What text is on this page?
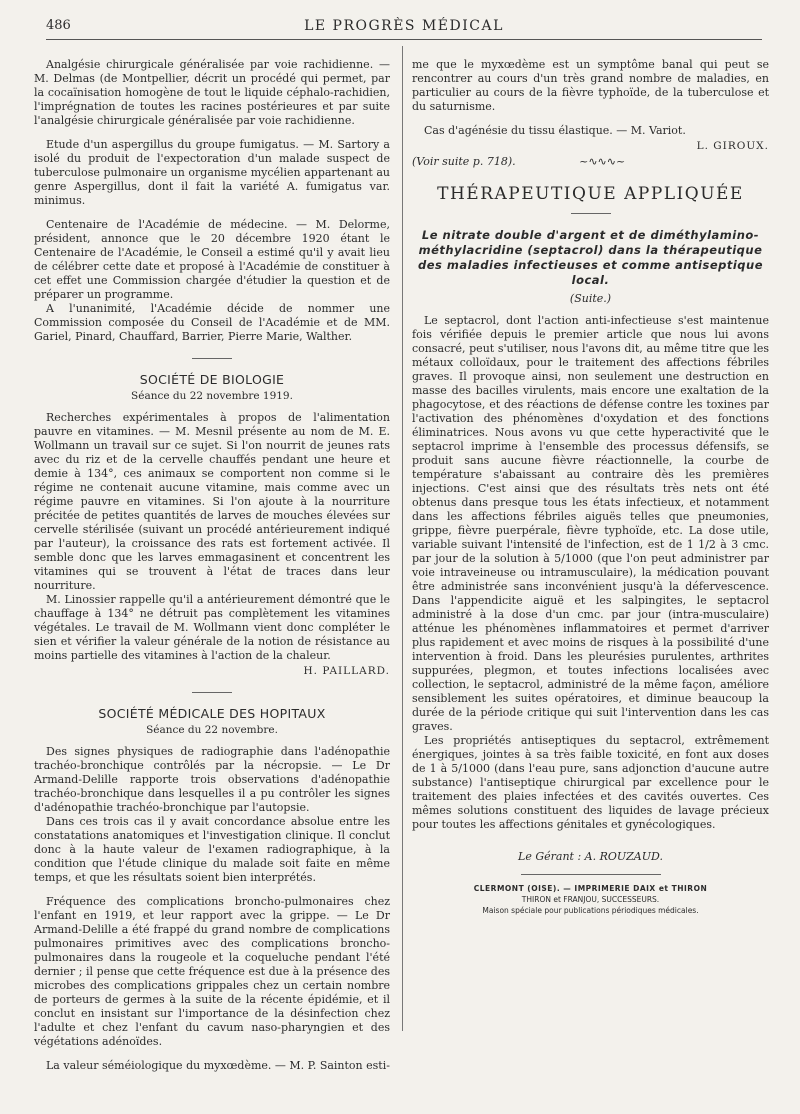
486	LE PROGRÈS MÉDICAL

Analgésie chirurgicale généralisée par voie rachidienne. — M. Delmas (de Montpellier, décrit un procédé qui permet, par la cocaïnisation homogène de tout le liquide céphalo-rachidien, l'imprégnation de toutes les racines postérieures et par suite l'analgésie chirurgicale généralisée par voie rachidienne.

Etude d'un aspergillus du groupe fumigatus. — M. Sartory a isolé du produit de l'expectoration d'un malade suspect de tuberculose pulmonaire un organisme mycélien appartenant au genre Aspergillus, dont il fait la variété A. fumigatus var. minimus.

Centenaire de l'Académie de médecine. — M. Delorme, président, annonce que le 20 décembre 1920 étant le Centenaire de l'Académie, le Conseil a estimé qu'il y avait lieu de célébrer cette date et proposé à l'Académie de constituer à cet effet une Commission chargée d'étudier la question et de préparer un programme.

A l'unanimité, l'Académie décide de nommer une Commission composée du Conseil de l'Académie et de MM. Gariel, Pinard, Chauffard, Barrier, Pierre Marie, Walther.

SOCIÉTÉ DE BIOLOGIE
Séance du 22 novembre 1919.

Recherches expérimentales à propos de l'alimentation pauvre en vitamines. — M. Mesnil présente au nom de M. E. Wollmann un travail sur ce sujet. Si l'on nourrit de jeunes rats avec du riz et de la cervelle chauffés pendant une heure et demie à 134°, ces animaux se comportent non comme si le régime ne contenait aucune vitamine, mais comme avec un régime pauvre en vitamines. Si l'on ajoute à la nourriture précitée de petites quantités de larves de mouches élevées sur cervelle stérilisée (suivant un procédé antérieurement indiqué par l'auteur), la croissance des rats est fortement activée. Il semble donc que les larves emmagasinent et concentrent les vitamines qui se trouvent à l'état de traces dans leur nourriture.

M. Linossier rappelle qu'il a antérieurement démontré que le chauffage à 134° ne détruit pas complètement les vitamines végétales. Le travail de M. Wollmann vient donc compléter le sien et vérifier la valeur générale de la notion de résistance au moins partielle des vitamines à l'action de la chaleur.

H. PAILLARD.
SOCIÉTÉ MÉDICALE DES HOPITAUX
Séance du 22 novembre.

Des signes physiques de radiographie dans l'adénopathie trachéo-bronchique contrôlés par la nécropsie. — Le Dr Armand-Delille rapporte trois observations d'adénopathie trachéo-bronchique dans lesquelles il a pu contrôler les signes d'adénopathie trachéo-bronchique par l'autopsie.

Dans ces trois cas il y avait concordance absolue entre les constatations anatomiques et l'investigation clinique. Il conclut donc à la haute valeur de l'examen radiographique, à la condition que l'étude clinique du malade soit faite en même temps, et que les résultats soient bien interprétés.

Fréquence des complications broncho-pulmonaires chez l'enfant en 1919, et leur rapport avec la grippe. — Le Dr Armand-Delille a été frappé du grand nombre de complications pulmonaires primitives avec des complications broncho-pulmonaires dans la rougeole et la coqueluche pendant l'été dernier ; il pense que cette fréquence est due à la présence des microbes des complications grippales chez un certain nombre de porteurs de germes à la suite de la récente épidémie, et il conclut en insistant sur l'importance de la désinfection chez l'adulte et chez l'enfant du cavum naso-pharyngien et des végétations adénoïdes.

La valeur séméiologique du myxœdème. — M. P. Sainton esti-

me que le myxœdème est un symptôme banal qui peut se rencontrer au cours d'un très grand nombre de maladies, en particulier au cours de la fièvre typhoïde, de la tuberculose et du saturnisme.

Cas d'agénésie du tissu élastique. — M. Variot.

L. GIROUX.
(Voir suite p. 718).	~∿∿∿~
THÉRAPEUTIQUE APPLIQUÉE
Le nitrate double d'argent et de diméthylamino-méthylacridine (septacrol) dans la thérapeutique des maladies infectieuses et comme antiseptique local.
(Suite.)

Le septacrol, dont l'action anti-infectieuse s'est maintenue fois vérifiée depuis le premier article que nous lui avons consacré, peut s'utiliser, nous l'avons dit, au même titre que les métaux colloïdaux, pour le traitement des affections fébriles graves. Il provoque ainsi, non seulement une destruction en masse des bacilles virulents, mais encore une exaltation de la phagocytose, et des réactions de défense contre les toxines par l'activation des phénomènes d'oxydation et des fonctions éliminatrices. Nous avons vu que cette hyperactivité que le septacrol imprime à l'ensemble des processus défensifs, se produit sans aucune fièvre réactionnelle, la courbe de température s'abaissant au contraire dès les premières injections. C'est ainsi que des résultats très nets ont été obtenus dans presque tous les états infectieux, et notamment dans les affections fébriles aiguës telles que pneumonies, grippe, fièvre puerpérale, fièvre typhoïde, etc. La dose utile, variable suivant l'intensité de l'infection, est de 1 1/2 à 3 cmc. par jour de la solution à 5/1000 (que l'on peut administrer par voie intraveineuse ou intramusculaire), la médication pouvant être administrée sans inconvénient jusqu'à la défervescence. Dans l'appendicite aiguë et les salpingites, le septacrol administré à la dose d'un cmc. par jour (intra-musculaire) atténue les phénomènes inflammatoires et permet d'arriver plus rapidement et avec moins de risques à la possibilité d'une intervention à froid. Dans les pleurésies purulentes, arthrites suppurées, plegmon, et toutes infections localisées avec collection, le septacrol, administré de la même façon, améliore sensiblement les suites opératoires, et diminue beaucoup la durée de la période critique qui suit l'intervention dans les cas graves.

Les propriétés antiseptiques du septacrol, extrêmement énergiques, jointes à sa très faible toxicité, en font aux doses de 1 à 5/1000 (dans l'eau pure, sans adjonction d'aucune autre substance) l'antiseptique chirurgical par excellence pour le traitement des plaies infectées et des cavités ouvertes. Ces mêmes solutions constituent des liquides de lavage précieux pour toutes les affections génitales et gynécologiques.

Le Gérant : A. ROUZAUD.
CLERMONT (OISE). — IMPRIMERIE DAIX et THIRON
THIRON et FRANJOU, SUCCESSEURS.
Maison spéciale pour publications périodiques médicales.
